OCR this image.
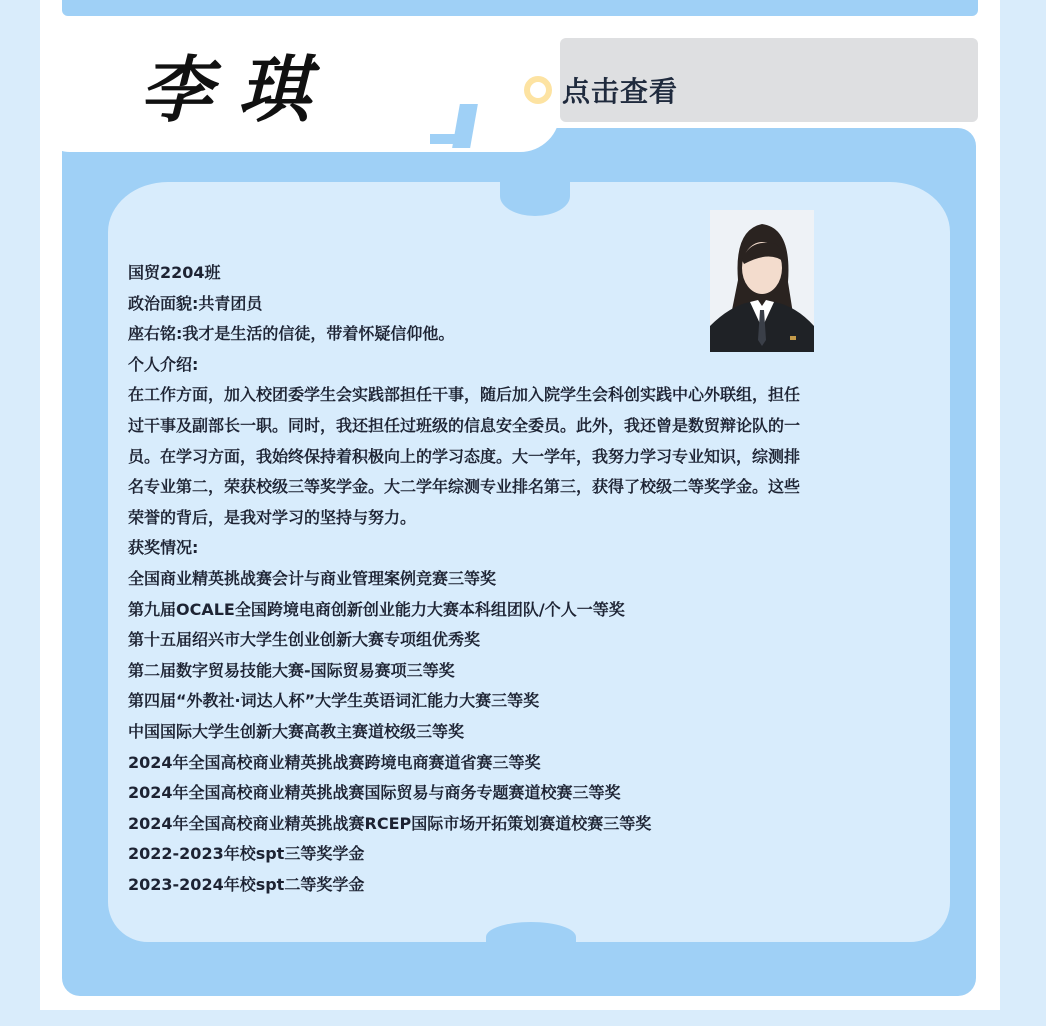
李琪	点击查看

国贸2204班

政治面貌:共青团员

座右铭:我才是生活的信徒，带着怀疑信仰他。

个人介绍:

在工作方面，加入校团委学生会实践部担任干事，随后加入院学生会科创实践中心外联组，担任

过干事及副部长一职。同时，我还担任过班级的信息安全委员。此外，我还曾是数贸辩论队的一

员。在学习方面，我始终保持着积极向上的学习态度。大一学年，我努力学习专业知识，综测排

名专业第二，荣获校级三等奖学金。大二学年综测专业排名第三，获得了校级二等奖学金。这些

荣誉的背后，是我对学习的坚持与努力。

获奖情况:

全国商业精英挑战赛会计与商业管理案例竞赛三等奖

第九届OCALE全国跨境电商创新创业能力大赛本科组团队/个人一等奖

第十五届绍兴市大学生创业创新大赛专项组优秀奖

第二届数字贸易技能大赛-国际贸易赛项三等奖

第四届“外教社·词达人杯”大学生英语词汇能力大赛三等奖

中国国际大学生创新大赛高教主赛道校级三等奖

2024年全国高校商业精英挑战赛跨境电商赛道省赛三等奖

2024年全国高校商业精英挑战赛国际贸易与商务专题赛道校赛三等奖

2024年全国高校商业精英挑战赛RCEP国际市场开拓策划赛道校赛三等奖

2022-2023年校spt三等奖学金

2023-2024年校spt二等奖学金
